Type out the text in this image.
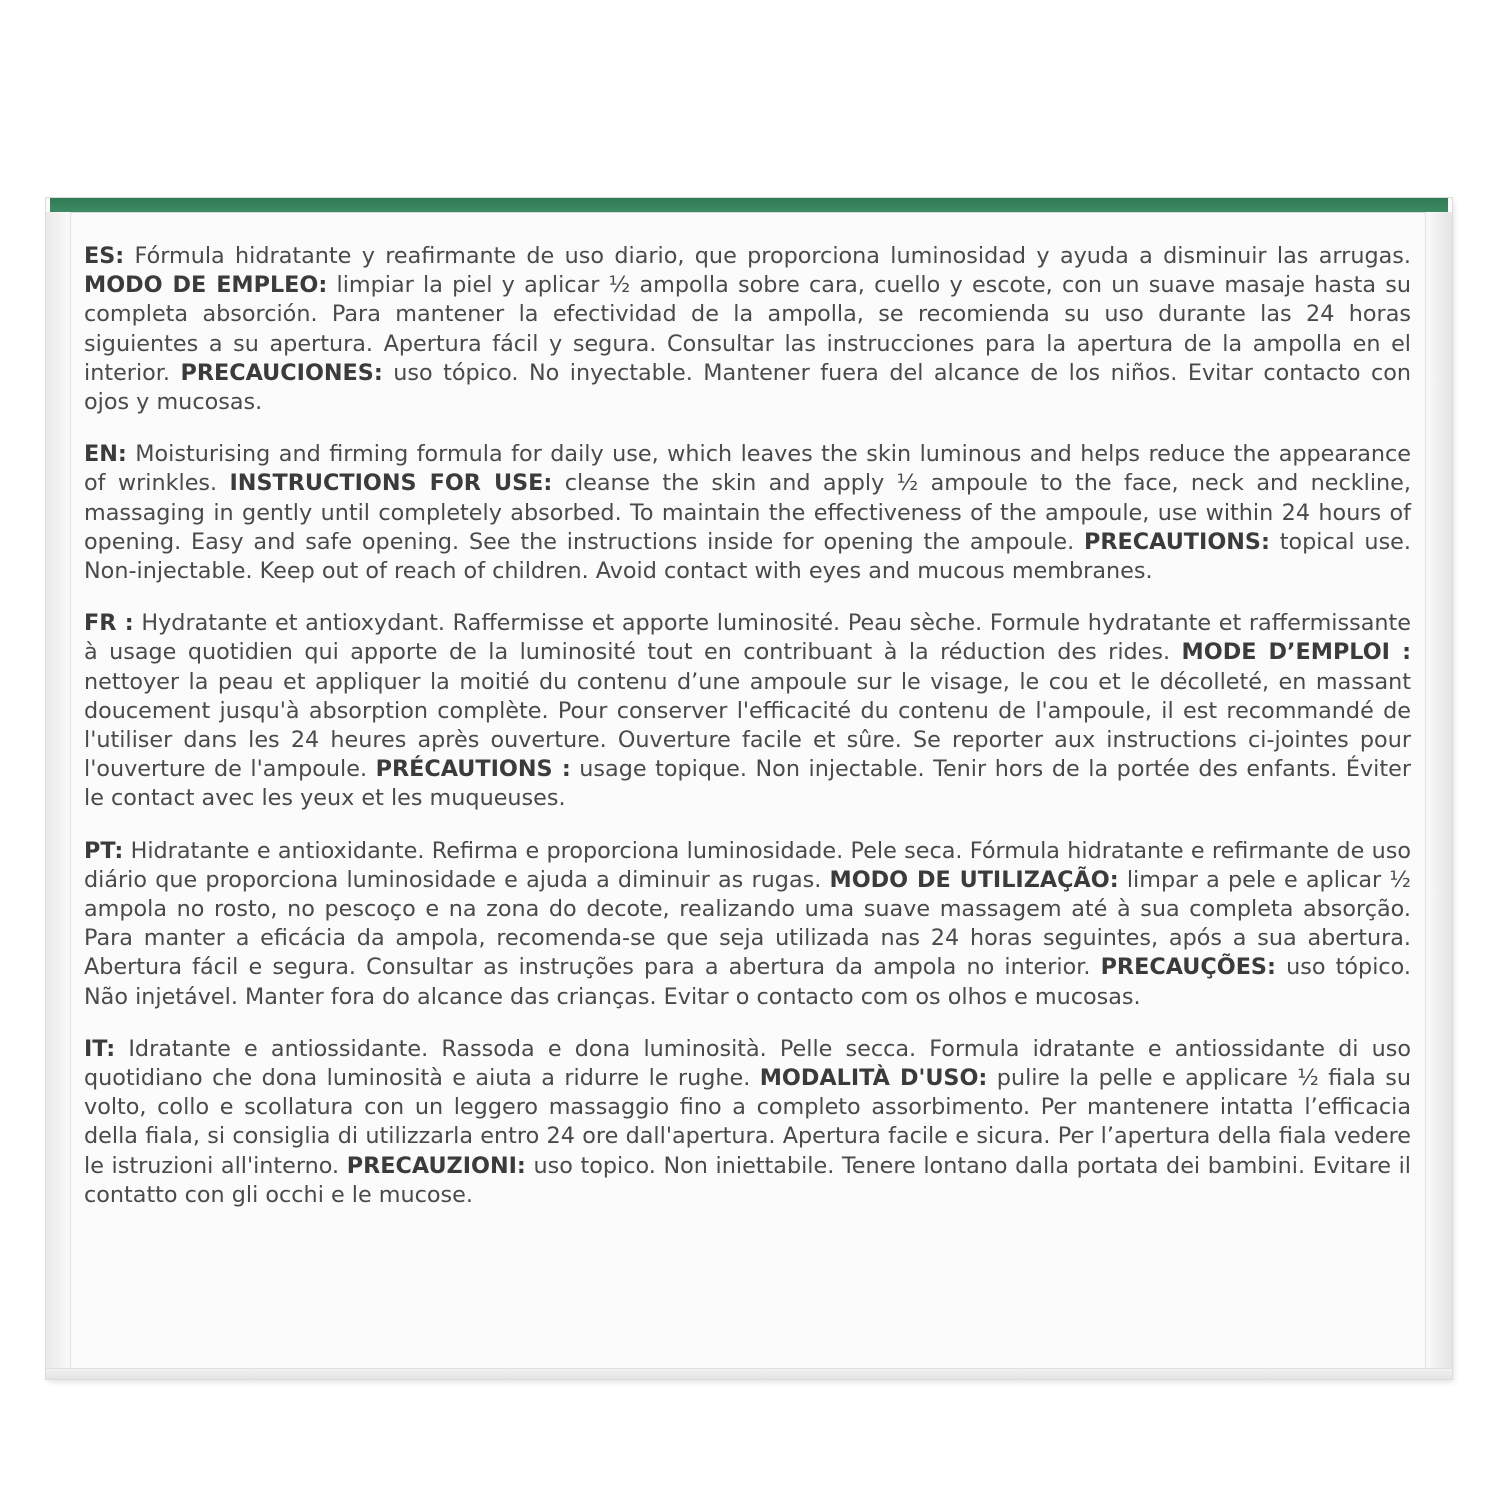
ES: Fórmula hidratante y reafirmante de uso diario, que proporciona luminosidad y ayuda a disminuir las arrugas. MODO DE EMPLEO: limpiar la piel y aplicar ½ ampolla sobre cara, cuello y escote, con un suave masaje hasta su completa absorción. Para mantener la efectividad de la ampolla, se recomienda su uso durante las 24 horas siguientes a su apertura. Apertura fácil y segura. Consultar las instrucciones para la apertura de la ampolla en el interior. PRECAUCIONES: uso tópico. No inyectable. Mantener fuera del alcance de los niños. Evitar contacto con ojos y mucosas.

EN: Moisturising and firming formula for daily use, which leaves the skin luminous and helps reduce the appearance of wrinkles. INSTRUCTIONS FOR USE: cleanse the skin and apply ½ ampoule to the face, neck and neckline, massaging in gently until completely absorbed. To maintain the effectiveness of the ampoule, use within 24 hours of opening. Easy and safe opening. See the instructions inside for opening the ampoule. PRECAUTIONS: topical use. Non-injectable. Keep out of reach of children. Avoid contact with eyes and mucous membranes.

FR : Hydratante et antioxydant. Raffermisse et apporte luminosité. Peau sèche. Formule hydratante et raffermissante à usage quotidien qui apporte de la luminosité tout en contribuant à la réduction des rides. MODE D’EMPLOI : nettoyer la peau et appliquer la moitié du contenu d’une ampoule sur le visage, le cou et le décolleté, en massant doucement jusqu'à absorption complète. Pour conserver l'efficacité du contenu de l'ampoule, il est recommandé de l'utiliser dans les 24 heures après ouverture. Ouverture facile et sûre. Se reporter aux instructions ci-jointes pour l'ouverture de l'ampoule. PRÉCAUTIONS : usage topique. Non injectable. Tenir hors de la portée des enfants. Éviter le contact avec les yeux et les muqueuses.

PT: Hidratante e antioxidante. Refirma e proporciona luminosidade. Pele seca. Fórmula hidratante e refirmante de uso diário que proporciona luminosidade e ajuda a diminuir as rugas. MODO DE UTILIZAÇÃO: limpar a pele e aplicar ½ ampola no rosto, no pescoço e na zona do decote, realizando uma suave massagem até à sua completa absorção. Para manter a eficácia da ampola, recomenda-se que seja utilizada nas 24 horas seguintes, após a sua abertura. Abertura fácil e segura. Consultar as instruções para a abertura da ampola no interior. PRECAUÇÕES: uso tópico. Não injetável. Manter fora do alcance das crianças. Evitar o contacto com os olhos e mucosas.

IT: Idratante e antiossidante. Rassoda e dona luminosità. Pelle secca. Formula idratante e antiossidante di uso quotidiano che dona luminosità e aiuta a ridurre le rughe. MODALITÀ D'USO: pulire la pelle e applicare ½ fiala su volto, collo e scollatura con un leggero massaggio fino a completo assorbimento. Per mantenere intatta l’efficacia della fiala, si consiglia di utilizzarla entro 24 ore dall'apertura. Apertura facile e sicura. Per l’apertura della fiala vedere le istruzioni all'interno. PRECAUZIONI: uso topico. Non iniettabile. Tenere lontano dalla portata dei bambini. Evitare il contatto con gli occhi e le mucose.
